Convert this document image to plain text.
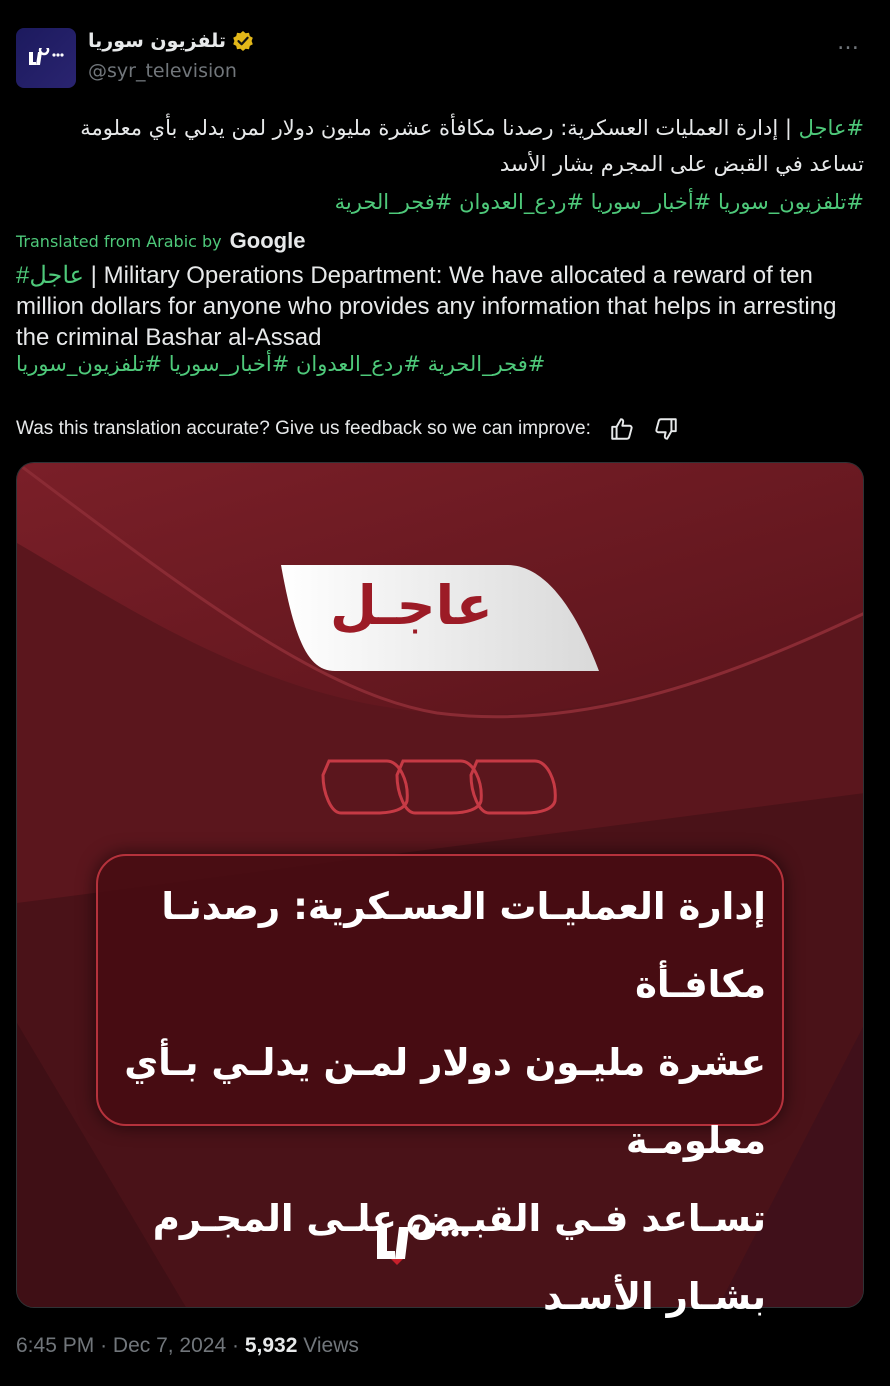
تلفزيون سوريا
@syr_television
…
#عاجل | إدارة العمليات العسكرية: رصدنا مكافأة عشرة مليون دولار لمن يدلي بأي معلومة تساعد في القبض على المجرم بشار الأسد
#تلفزيون_سوريا #أخبار_سوريا #ردع_العدوان #فجر_الحرية
Translated from Arabic by Google
#عاجل | Military Operations Department: We have allocated a reward of ten million dollars for anyone who provides any information that helps in arresting the criminal Bashar al-Assad
#فجر_الحرية #ردع_العدوان #أخبار_سوريا #تلفزيون_سوريا
Was this translation accurate? Give us feedback so we can improve:
عاجـل
إدارة العمليـات العسـكرية: رصدنـا مكافـأة
عشرة مليـون دولار لمـن يدلـي بـأي معلومـة
تسـاعد فـي القبـض علـى المجـرم بشـار الأسـد
6:45 PM · Dec 7, 2024 · 5,932 Views
